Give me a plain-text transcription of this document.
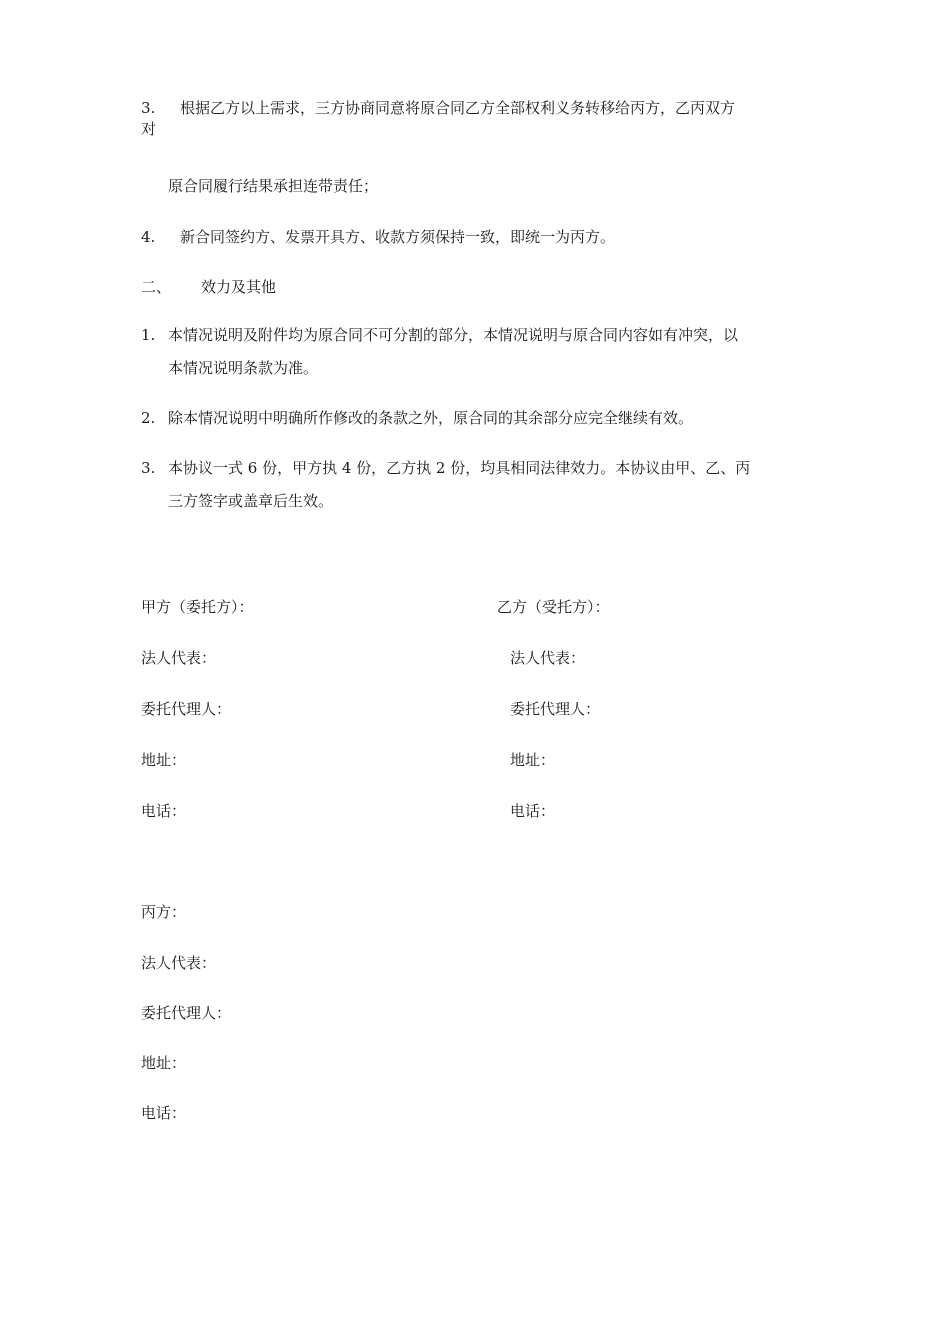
3. 根据乙方以上需求，三方协商同意将原合同乙方全部权利义务转移给丙方，乙丙双方
对
原合同履行结果承担连带责任；
4. 新合同签约方、发票开具方、收款方须保持一致，即统一为丙方。
二、 效力及其他
1. 本情况说明及附件均为原合同不可分割的部分，本情况说明与原合同内容如有冲突，以
本情况说明条款为准。
2. 除本情况说明中明确所作修改的条款之外，原合同的其余部分应完全继续有效。
3. 本协议一式 6 份，甲方执 4 份，乙方执 2 份，均具相同法律效力。本协议由甲、乙、丙
三方签字或盖章后生效。
甲方（委托方）：
法人代表：
委托代理人：
地址：
电话：
乙方（受托方）：
法人代表：
委托代理人：
地址：
电话：
丙方：
法人代表：
委托代理人：
地址：
电话：
